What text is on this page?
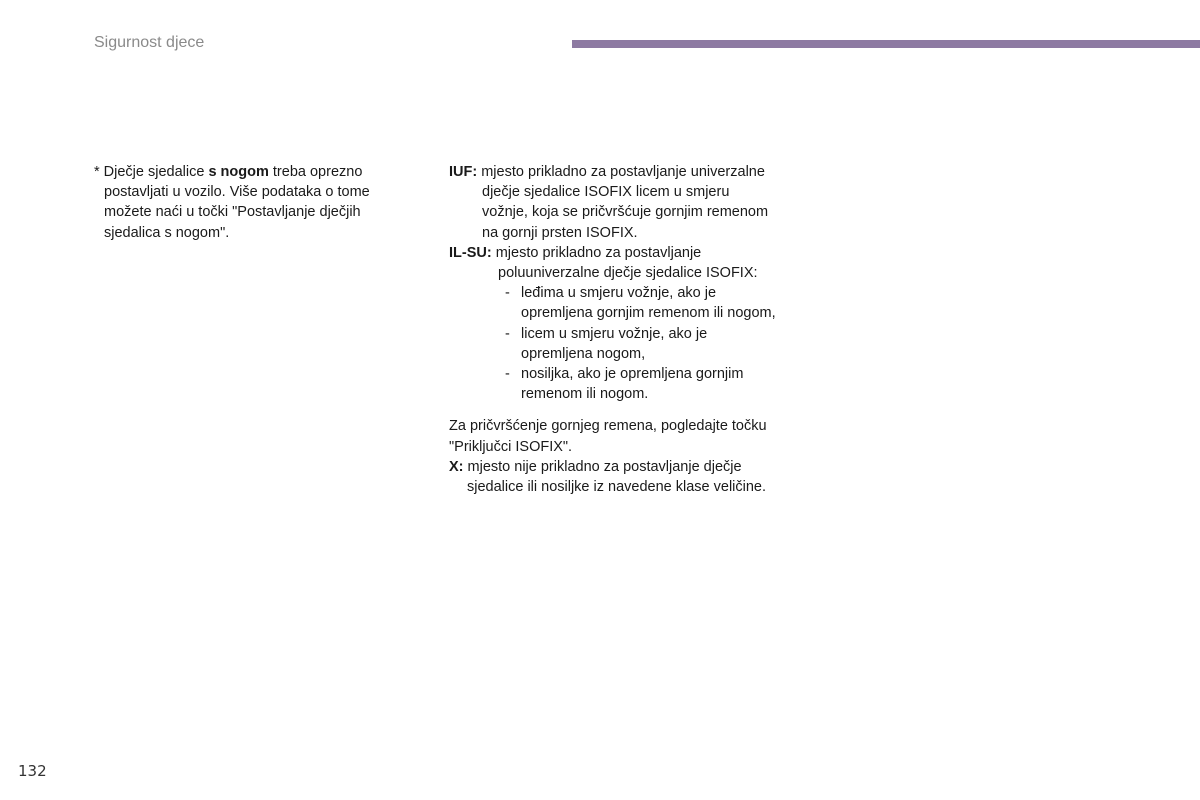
Sigurnost djece

* Dječje sjedalice s nogom treba oprezno postavljati u vozilo. Više podataka o tome možete naći u točki "Postavljanje dječjih sjedalica s nogom".

IUF: mjesto prikladno za postavljanje univerzalne dječje sjedalice ISOFIX licem u smjeru vožnje, koja se pričvršćuje gornjim remenom na gornji prsten ISOFIX.

IL-SU: mjesto prikladno za postavljanje poluuniverzalne dječje sjedalice ISOFIX:

- leđima u smjeru vožnje, ako je opremljena gornjim remenom ili nogom,
- licem u smjeru vožnje, ako je opremljena nogom,
- nosiljka, ako je opremljena gornjim remenom ili nogom.

Za pričvršćenje gornjeg remena, pogledajte točku "Priključci ISOFIX".

X: mjesto nije prikladno za postavljanje dječje sjedalice ili nosiljke iz navedene klase veličine.

132
